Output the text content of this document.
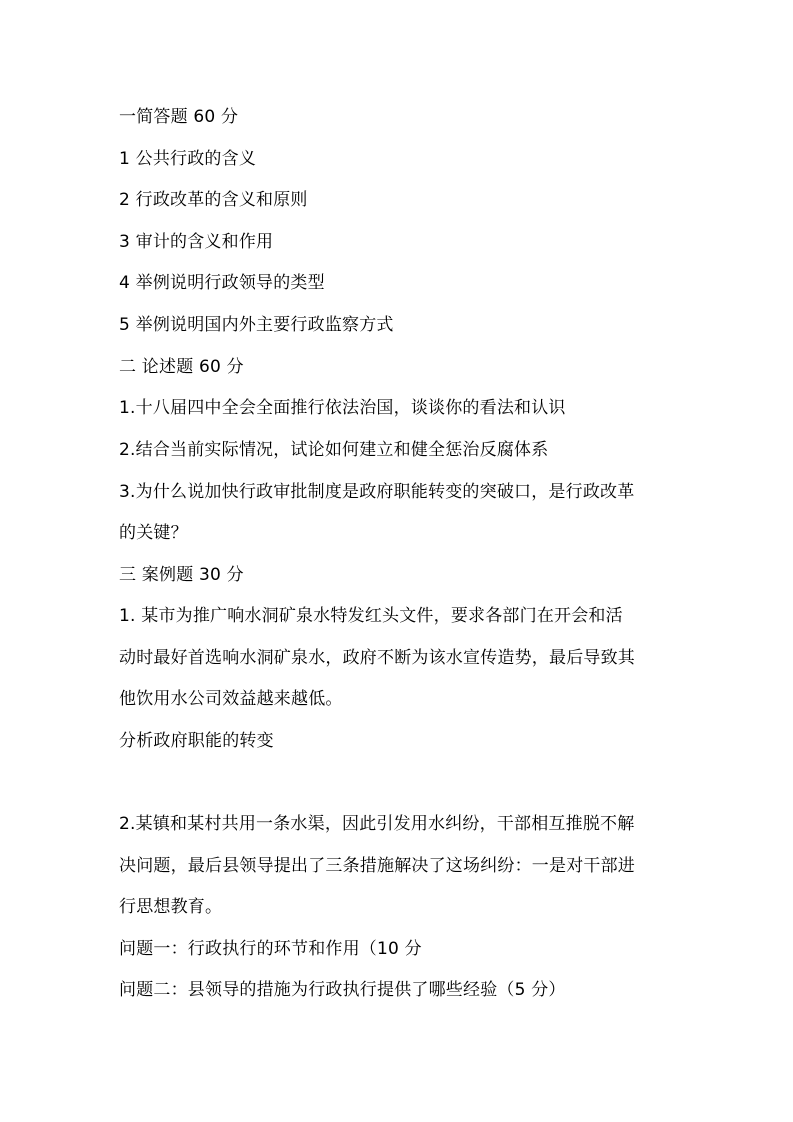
一简答题 60 分
1 公共行政的含义
2 行政改革的含义和原则
3 审计的含义和作用
4 举例说明行政领导的类型
5 举例说明国内外主要行政监察方式
二 论述题 60 分
1.十八届四中全会全面推行依法治国，谈谈你的看法和认识
2.结合当前实际情况，试论如何建立和健全惩治反腐体系
3.为什么说加快行政审批制度是政府职能转变的突破口，是行政改革
的关键？
三 案例题 30 分
1. 某市为推广响水洞矿泉水特发红头文件，要求各部门在开会和活
动时最好首选响水洞矿泉水，政府不断为该水宣传造势，最后导致其
他饮用水公司效益越来越低。
分析政府职能的转变
2.某镇和某村共用一条水渠，因此引发用水纠纷，干部相互推脱不解
决问题，最后县领导提出了三条措施解决了这场纠纷：一是对干部进
行思想教育。
问题一：行政执行的环节和作用（10 分
问题二：县领导的措施为行政执行提供了哪些经验（5 分）
